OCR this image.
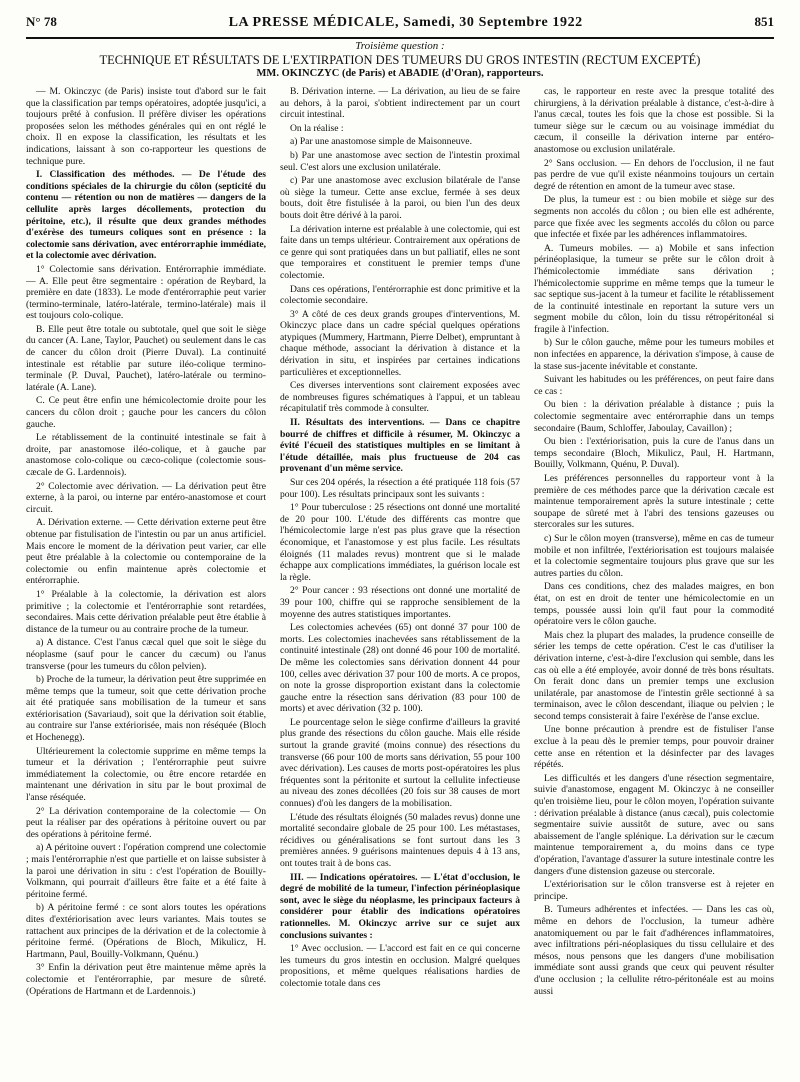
N° 78	LA PRESSE MÉDICALE, Samedi, 30 Septembre 1922	851
Troisième question :
TECHNIQUE ET RÉSULTATS DE L'EXTIRPATION DES TUMEURS DU GROS INTESTIN (RECTUM EXCEPTÉ)
MM. OKINCZYC (de Paris) et ABADIE (d'Oran), rapporteurs.

— M. Okinczyc (de Paris) insiste tout d'abord sur le fait que la classification par temps opératoires, adoptée jusqu'ici, a toujours prêté à confusion. Il préfère diviser les opérations proposées selon les méthodes générales qui en ont réglé le choix. Il en expose la classification, les résultats et les indications, laissant à son co-rapporteur les questions de technique pure.

I. Classification des méthodes. — De l'étude des conditions spéciales de la chirurgie du côlon (septicité du contenu — rétention ou non de matières — dangers de la cellulite après larges décollements, protection du péritoine, etc.), il résulte que deux grandes méthodes d'exérèse des tumeurs coliques sont en présence : la colectomie sans dérivation, avec entérorraphie immédiate, et la colectomie avec dérivation.

1° Colectomie sans dérivation. Entérorraphie immédiate. — A. Elle peut être segmentaire : opération de Reybard, la première en date (1833). Le mode d'entérorraphie peut varier (termino-terminale, latéro-latérale, termino-latérale) mais il est toujours colo-colique.

B. Elle peut être totale ou subtotale, quel que soit le siège du cancer (A. Lane, Taylor, Pauchet) ou seulement dans le cas de cancer du côlon droit (Pierre Duval). La continuité intestinale est rétablie par suture iléo-colique termino-terminale (P. Duval, Pauchet), latéro-latérale ou termino-latérale (A. Lane).

C. Ce peut être enfin une hémicolectomie droite pour les cancers du côlon droit ; gauche pour les cancers du côlon gauche.

Le rétablissement de la continuité intestinale se fait à droite, par anastomose iléo-colique, et à gauche par anastomose colo-colique ou cæco-colique (colectomie sous-cæcale de G. Lardennois).

2° Colectomie avec dérivation. — La dérivation peut être externe, à la paroi, ou interne par entéro-anastomose et court circuit.

A. Dérivation externe. — Cette dérivation externe peut être obtenue par fistulisation de l'intestin ou par un anus artificiel. Mais encore le moment de la dérivation peut varier, car elle peut être préalable à la colectomie ou contemporaine de la colectomie ou enfin maintenue après colectomie et entérorraphie.

1° Préalable à la colectomie, la dérivation est alors primitive ; la colectomie et l'entérorraphie sont retardées, secondaires. Mais cette dérivation préalable peut être établie à distance de la tumeur ou au contraire proche de la tumeur.

a) A distance. C'est l'anus cæcal quel que soit le siège du néoplasme (sauf pour le cancer du cæcum) ou l'anus transverse (pour les tumeurs du côlon pelvien).

b) Proche de la tumeur, la dérivation peut être supprimée en même temps que la tumeur, soit que cette dérivation proche ait été pratiquée sans mobilisation de la tumeur et sans extériorisation (Savariaud), soit que la dérivation soit établie, au contraire sur l'anse extériorisée, mais non réséquée (Bloch et Hochenegg).

Ultérieurement la colectomie supprime en même temps la tumeur et la dérivation ; l'entérorraphie peut suivre immédiatement la colectomie, ou être encore retardée en maintenant une dérivation in situ par le bout proximal de l'anse réséquée.

2° La dérivation contemporaine de la colectomie — On peut la réaliser par des opérations à péritoine ouvert ou par des opérations à péritoine fermé.

a) A péritoine ouvert : l'opération comprend une colectomie ; mais l'entérorraphie n'est que partielle et on laisse subsister à la paroi une dérivation in situ : c'est l'opération de Bouilly-Volkmann, qui pourrait d'ailleurs être faite et a été faite à péritoine fermé.

b) A péritoine fermé : ce sont alors toutes les opérations dites d'extériorisation avec leurs variantes. Mais toutes se rattachent aux principes de la dérivation et de la colectomie à péritoine fermé. (Opérations de Bloch, Mikulicz, H. Hartmann, Paul, Bouilly-Volkmann, Quénu.)

3° Enfin la dérivation peut être maintenue même après la colectomie et l'entérorraphie, par mesure de sûreté. (Opérations de Hartmann et de Lardennois.)

B. Dérivation interne. — La dérivation, au lieu de se faire au dehors, à la paroi, s'obtient indirectement par un court circuit intestinal.

On la réalise :

a) Par une anastomose simple de Maisonneuve.

b) Par une anastomose avec section de l'intestin proximal seul. C'est alors une exclusion unilatérale.

c) Par une anastomose avec exclusion bilatérale de l'anse où siège la tumeur. Cette anse exclue, fermée à ses deux bouts, doit être fistulisée à la paroi, ou bien l'un des deux bouts doit être dérivé à la paroi.

La dérivation interne est préalable à une colectomie, qui est faite dans un temps ultérieur. Contrairement aux opérations de ce genre qui sont pratiquées dans un but palliatif, elles ne sont que temporaires et constituent le premier temps d'une colectomie.

Dans ces opérations, l'entérorraphie est donc primitive et la colectomie secondaire.

3° A côté de ces deux grands groupes d'interventions, M. Okinczyc place dans un cadre spécial quelques opérations atypiques (Mummery, Hartmann, Pierre Delbet), empruntant à chaque méthode, associant la dérivation à distance et la dérivation in situ, et inspirées par certaines indications particulières et exceptionnelles.

Ces diverses interventions sont clairement exposées avec de nombreuses figures schématiques à l'appui, et un tableau récapitulatif très commode à consulter.

II. Résultats des interventions. — Dans ce chapitre bourré de chiffres et difficile à résumer, M. Okinczyc a évité l'écueil des statistiques multiples en se limitant à l'étude détaillée, mais plus fructueuse de 204 cas provenant d'un même service.

Sur ces 204 opérés, la résection a été pratiquée 118 fois (57 pour 100). Les résultats principaux sont les suivants :

1° Pour tuberculose : 25 résections ont donné une mortalité de 20 pour 100. L'étude des différents cas montre que l'hémicolectomie large n'est pas plus grave que la résection économique, et l'anastomose y est plus facile. Les résultats éloignés (11 malades revus) montrent que si le malade échappe aux complications immédiates, la guérison locale est la règle.

2° Pour cancer : 93 résections ont donné une mortalité de 39 pour 100, chiffre qui se rapproche sensiblement de la moyenne des autres statistiques importantes.

Les colectomies achevées (65) ont donné 37 pour 100 de morts. Les colectomies inachevées sans rétablissement de la continuité intestinale (28) ont donné 46 pour 100 de mortalité. De même les colectomies sans dérivation donnent 44 pour 100, celles avec dérivation 37 pour 100 de morts. A ce propos, on note la grosse disproportion existant dans la colectomie gauche entre la résection sans dérivation (83 pour 100 de morts) et avec dérivation (32 p. 100).

Le pourcentage selon le siège confirme d'ailleurs la gravité plus grande des résections du côlon gauche. Mais elle réside surtout la grande gravité (moins connue) des résections du transverse (66 pour 100 de morts sans dérivation, 55 pour 100 avec dérivation). Les causes de morts post-opératoires les plus fréquentes sont la péritonite et surtout la cellulite infectieuse au niveau des zones décollées (20 fois sur 38 causes de mort connues) d'où les dangers de la mobilisation.

L'étude des résultats éloignés (50 malades revus) donne une mortalité secondaire globale de 25 pour 100. Les métastases, récidives ou généralisations se font surtout dans les 3 premières années. 9 guérisons maintenues depuis 4 à 13 ans, ont toutes trait à de bons cas.

III. — Indications opératoires. — L'état d'occlusion, le degré de mobilité de la tumeur, l'infection périnéoplasique sont, avec le siège du néoplasme, les principaux facteurs à considérer pour établir des indications opératoires rationnelles. M. Okinczyc arrive sur ce sujet aux conclusions suivantes :

1° Avec occlusion. — L'accord est fait en ce qui concerne les tumeurs du gros intestin en occlusion. Malgré quelques propositions, et même quelques réalisations hardies de colectomie totale dans ces

cas, le rapporteur en reste avec la presque totalité des chirurgiens, à la dérivation préalable à distance, c'est-à-dire à l'anus cæcal, toutes les fois que la chose est possible. Si la tumeur siège sur le cæcum ou au voisinage immédiat du cæcum, il conseille la dérivation interne par entéro-anastomose ou exclusion unilatérale.

2° Sans occlusion. — En dehors de l'occlusion, il ne faut pas perdre de vue qu'il existe néanmoins toujours un certain degré de rétention en amont de la tumeur avec stase.

De plus, la tumeur est : ou bien mobile et siège sur des segments non accolés du côlon ; ou bien elle est adhérente, parce que fixée avec les segments accolés du côlon ou parce que infectée et fixée par les adhérences inflammatoires.

A. Tumeurs mobiles. — a) Mobile et sans infection périnéoplasique, la tumeur se prête sur le côlon droit à l'hémicolectomie immédiate sans dérivation ; l'hémicolectomie supprime en même temps que la tumeur le sac septique sus-jacent à la tumeur et facilite le rétablissement de la continuité intestinale en reportant la suture vers un segment mobile du côlon, loin du tissu rétropéritonéal si fragile à l'infection.

b) Sur le côlon gauche, même pour les tumeurs mobiles et non infectées en apparence, la dérivation s'impose, à cause de la stase sus-jacente inévitable et constante.

Suivant les habitudes ou les préférences, on peut faire dans ce cas :

Ou bien : la dérivation préalable à distance ; puis la colectomie segmentaire avec entérorraphie dans un temps secondaire (Baum, Schloffer, Jaboulay, Cavaillon) ;

Ou bien : l'extériorisation, puis la cure de l'anus dans un temps secondaire (Bloch, Mikulicz, Paul, H. Hartmann, Bouilly, Volkmann, Quénu, P. Duval).

Les préférences personnelles du rapporteur vont à la première de ces méthodes parce que la dérivation cæcale est maintenue temporairement après la suture intestinale ; cette soupape de sûreté met à l'abri des tensions gazeuses ou stercorales sur les sutures.

c) Sur le côlon moyen (transverse), même en cas de tumeur mobile et non infiltrée, l'extériorisation est toujours malaisée et la colectomie segmentaire toujours plus grave que sur les autres parties du côlon.

Dans ces conditions, chez des malades maigres, en bon état, on est en droit de tenter une hémicolectomie en un temps, poussée aussi loin qu'il faut pour la commodité opératoire vers le côlon gauche.

Mais chez la plupart des malades, la prudence conseille de sérier les temps de cette opération. C'est le cas d'utiliser la dérivation interne, c'est-à-dire l'exclusion qui semble, dans les cas où elle a été employée, avoir donné de très bons résultats. On ferait donc dans un premier temps une exclusion unilatérale, par anastomose de l'intestin grêle sectionné à sa terminaison, avec le côlon descendant, iliaque ou pelvien ; le second temps consisterait à faire l'exérèse de l'anse exclue.

Une bonne précaution à prendre est de fistuliser l'anse exclue à la peau dès le premier temps, pour pouvoir drainer cette anse en rétention et la désinfecter par des lavages répétés.

Les difficultés et les dangers d'une résection segmentaire, suivie d'anastomose, engagent M. Okinczyc à ne conseiller qu'en troisième lieu, pour le côlon moyen, l'opération suivante : dérivation préalable à distance (anus cæcal), puis colectomie segmentaire suivie aussitôt de suture, avec ou sans abaissement de l'angle splénique. La dérivation sur le cæcum maintenue temporairement a, du moins dans ce type d'opération, l'avantage d'assurer la suture intestinale contre les dangers d'une distension gazeuse ou stercorale.

L'extériorisation sur le côlon transverse est à rejeter en principe.

B. Tumeurs adhérentes et infectées. — Dans les cas où, même en dehors de l'occlusion, la tumeur adhère anatomiquement ou par le fait d'adhérences inflammatoires, avec infiltrations péri-néoplasiques du tissu cellulaire et des mésos, nous pensons que les dangers d'une mobilisation immédiate sont aussi grands que ceux qui peuvent résulter d'une occlusion ; la cellulite rétro-péritonéale est au moins aussi
